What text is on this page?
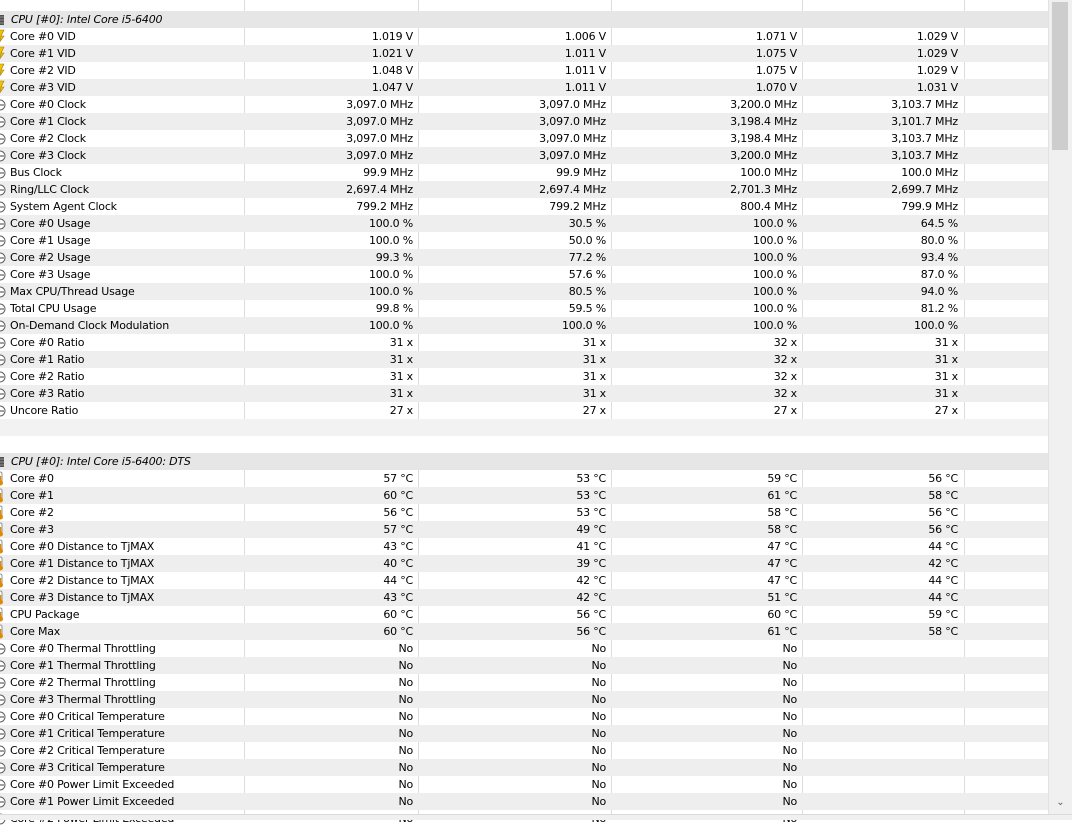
CPU [#0]: Intel Core i5-6400
Core #0 VID	1.019 V	1.006 V	1.071 V	1.029 V
Core #1 VID	1.021 V	1.011 V	1.075 V	1.029 V
Core #2 VID	1.048 V	1.011 V	1.075 V	1.029 V
Core #3 VID	1.047 V	1.011 V	1.070 V	1.031 V
Core #0 Clock	3,097.0 MHz	3,097.0 MHz	3,200.0 MHz	3,103.7 MHz
Core #1 Clock	3,097.0 MHz	3,097.0 MHz	3,198.4 MHz	3,101.7 MHz
Core #2 Clock	3,097.0 MHz	3,097.0 MHz	3,198.4 MHz	3,103.7 MHz
Core #3 Clock	3,097.0 MHz	3,097.0 MHz	3,200.0 MHz	3,103.7 MHz
Bus Clock	99.9 MHz	99.9 MHz	100.0 MHz	100.0 MHz
Ring/LLC Clock	2,697.4 MHz	2,697.4 MHz	2,701.3 MHz	2,699.7 MHz
System Agent Clock	799.2 MHz	799.2 MHz	800.4 MHz	799.9 MHz
Core #0 Usage	100.0 %	30.5 %	100.0 %	64.5 %
Core #1 Usage	100.0 %	50.0 %	100.0 %	80.0 %
Core #2 Usage	99.3 %	77.2 %	100.0 %	93.4 %
Core #3 Usage	100.0 %	57.6 %	100.0 %	87.0 %
Max CPU/Thread Usage	100.0 %	80.5 %	100.0 %	94.0 %
Total CPU Usage	99.8 %	59.5 %	100.0 %	81.2 %
On-Demand Clock Modulation	100.0 %	100.0 %	100.0 %	100.0 %
Core #0 Ratio	31 x	31 x	32 x	31 x
Core #1 Ratio	31 x	31 x	32 x	31 x
Core #2 Ratio	31 x	31 x	32 x	31 x
Core #3 Ratio	31 x	31 x	32 x	31 x
Uncore Ratio	27 x	27 x	27 x	27 x
CPU [#0]: Intel Core i5-6400: DTS
Core #0	57 °C	53 °C	59 °C	56 °C
Core #1	60 °C	53 °C	61 °C	58 °C
Core #2	56 °C	53 °C	58 °C	56 °C
Core #3	57 °C	49 °C	58 °C	56 °C
Core #0 Distance to TjMAX	43 °C	41 °C	47 °C	44 °C
Core #1 Distance to TjMAX	40 °C	39 °C	47 °C	42 °C
Core #2 Distance to TjMAX	44 °C	42 °C	47 °C	44 °C
Core #3 Distance to TjMAX	43 °C	42 °C	51 °C	44 °C
CPU Package	60 °C	56 °C	60 °C	59 °C
Core Max	60 °C	56 °C	61 °C	58 °C
Core #0 Thermal Throttling	No	No	No
Core #1 Thermal Throttling	No	No	No
Core #2 Thermal Throttling	No	No	No
Core #3 Thermal Throttling	No	No	No
Core #0 Critical Temperature	No	No	No
Core #1 Critical Temperature	No	No	No
Core #2 Critical Temperature	No	No	No
Core #3 Critical Temperature	No	No	No
Core #0 Power Limit Exceeded	No	No	No
Core #1 Power Limit Exceeded	No	No	No	⌄
